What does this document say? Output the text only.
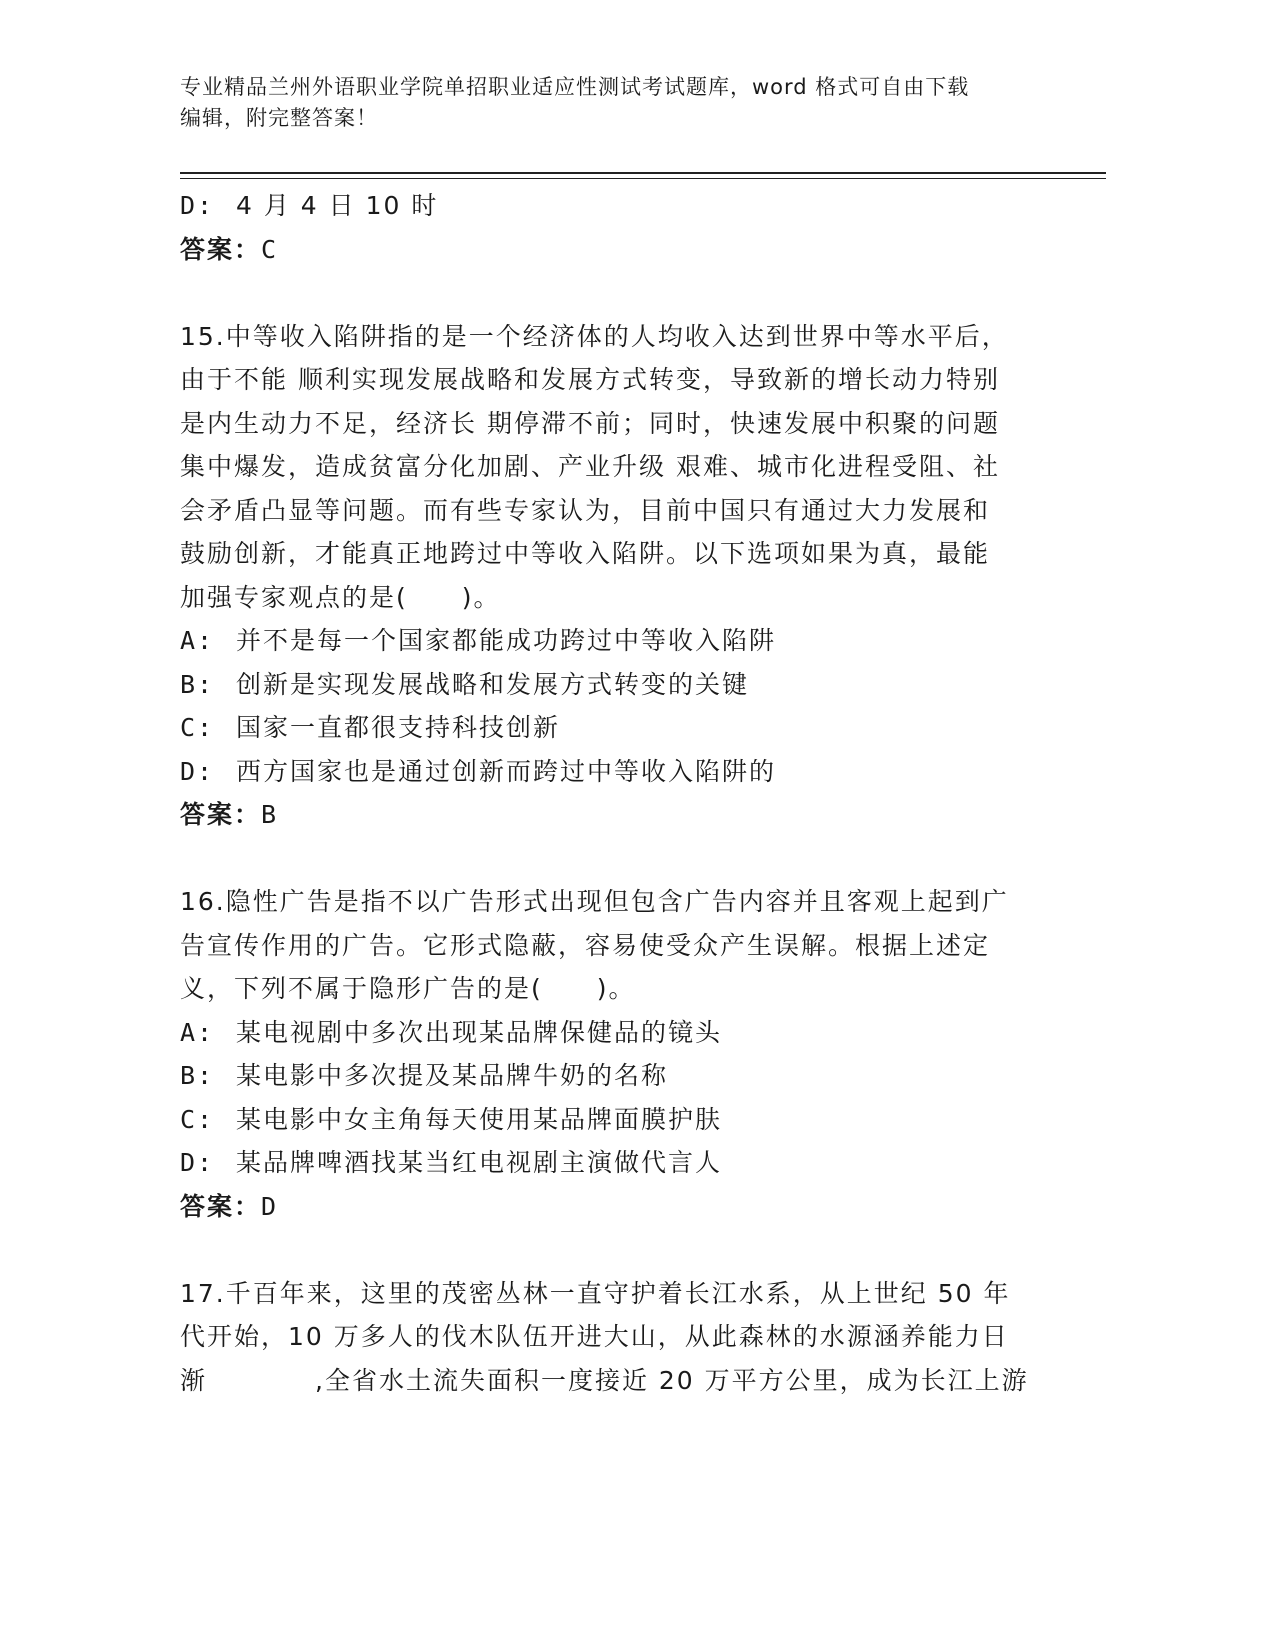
专业精品兰州外语职业学院单招职业适应性测试考试题库，word 格式可自由下载
编辑，附完整答案！
D: 4 月 4 日 10 时
答案：C
15.中等收入陷阱指的是一个经济体的人均收入达到世界中等水平后，
由于不能 顺利实现发展战略和发展方式转变，导致新的增长动力特别
是内生动力不足，经济长 期停滞不前；同时，快速发展中积聚的问题
集中爆发，造成贫富分化加剧、产业升级 艰难、城市化进程受阻、社
会矛盾凸显等问题。而有些专家认为，目前中国只有通过大力发展和
鼓励创新，才能真正地跨过中等收入陷阱。以下选项如果为真，最能
加强专家观点的是(　　)。
A: 并不是每一个国家都能成功跨过中等收入陷阱
B: 创新是实现发展战略和发展方式转变的关键
C: 国家一直都很支持科技创新
D: 西方国家也是通过创新而跨过中等收入陷阱的
答案：B
16.隐性广告是指不以广告形式出现但包含广告内容并且客观上起到广
告宣传作用的广告。它形式隐蔽，容易使受众产生误解。根据上述定
义，下列不属于隐形广告的是(　　)。
A: 某电视剧中多次出现某品牌保健品的镜头
B: 某电影中多次提及某品牌牛奶的名称
C: 某电影中女主角每天使用某品牌面膜护肤
D: 某品牌啤酒找某当红电视剧主演做代言人
答案：D
17.千百年来，这里的茂密丛林一直守护着长江水系，从上世纪 50 年
代开始，10 万多人的伐木队伍开进大山，从此森林的水源涵养能力日
渐　　　　,全省水土流失面积一度接近 20 万平方公里，成为长江上游
